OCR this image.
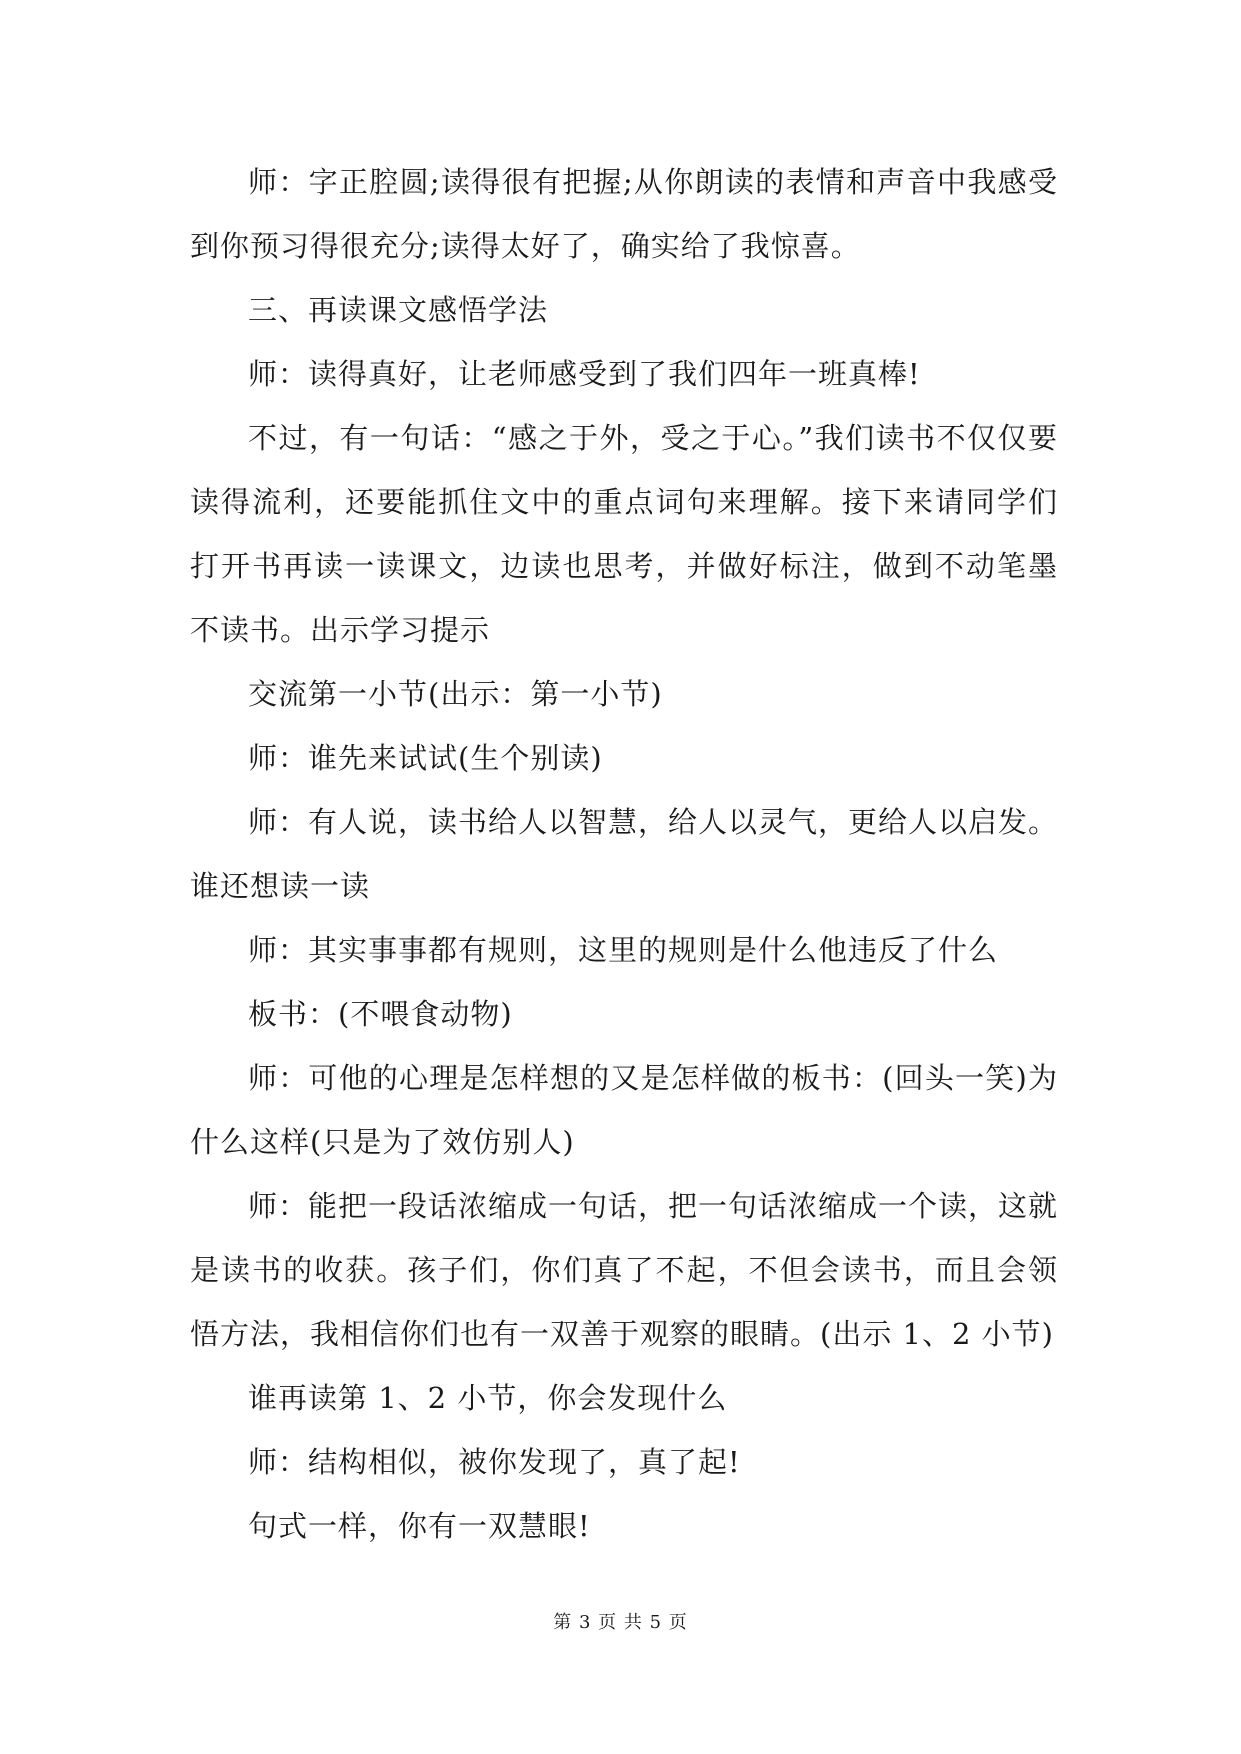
师：字正腔圆;读得很有把握;从你朗读的表情和声音中我感受到你预习得很充分;读得太好了，确实给了我惊喜。

三、再读课文感悟学法

师：读得真好，让老师感受到了我们四年一班真棒!

不过，有一句话：“感之于外，受之于心。”我们读书不仅仅要读得流利，还要能抓住文中的重点词句来理解。接下来请同学们打开书再读一读课文，边读也思考，并做好标注，做到不动笔墨不读书。出示学习提示

交流第一小节(出示：第一小节)

师：谁先来试试(生个别读)

师：有人说，读书给人以智慧，给人以灵气，更给人以启发。谁还想读一读

师：其实事事都有规则，这里的规则是什么他违反了什么

板书：(不喂食动物)

师：可他的心理是怎样想的又是怎样做的板书：(回头一笑)为什么这样(只是为了效仿别人)

师：能把一段话浓缩成一句话，把一句话浓缩成一个读，这就是读书的收获。孩子们，你们真了不起，不但会读书，而且会领悟方法，我相信你们也有一双善于观察的眼睛。(出示 1、2 小节)

谁再读第 1、2 小节，你会发现什么

师：结构相似，被你发现了，真了起!

句式一样，你有一双慧眼!

第 3 页 共 5 页
